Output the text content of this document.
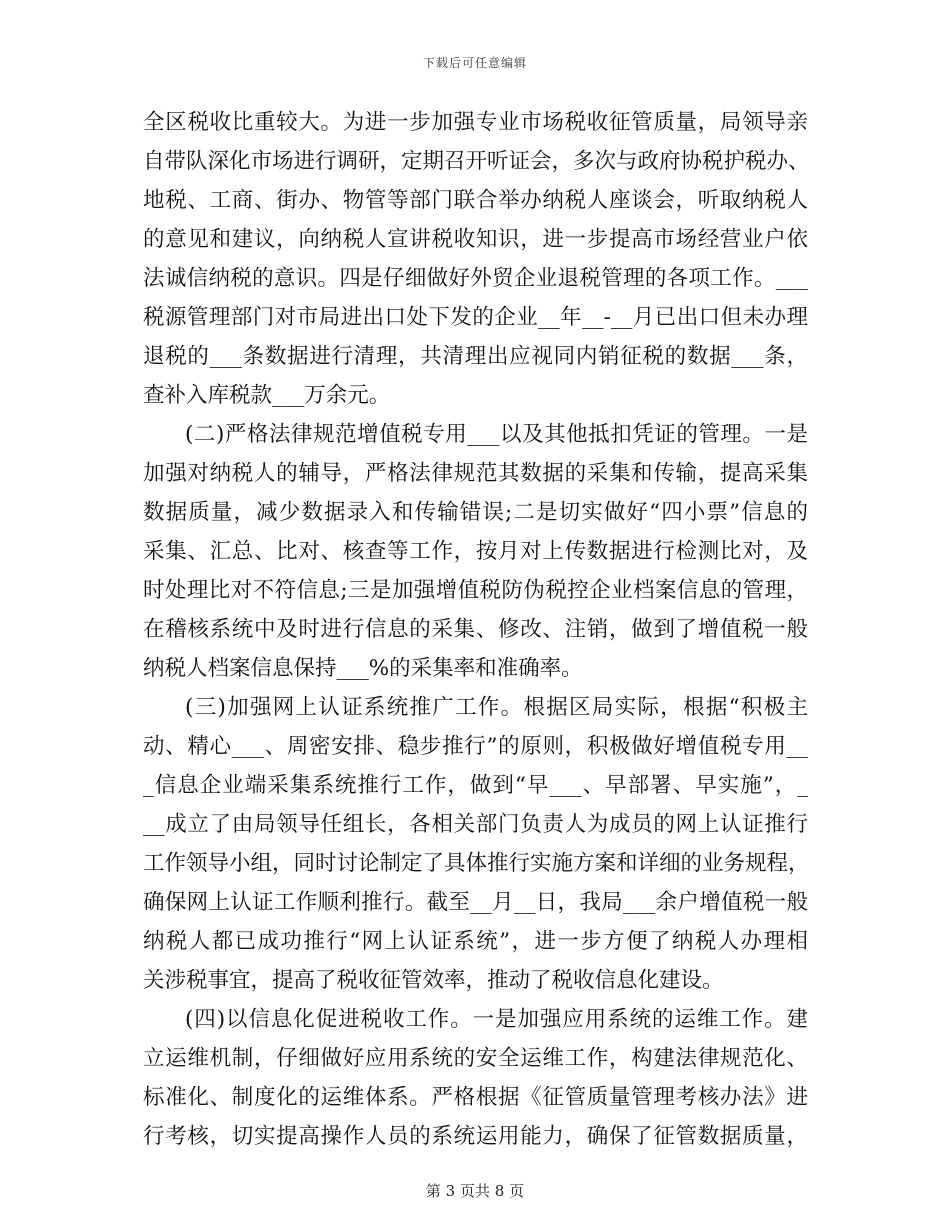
下载后可任意编辑
全区税收比重较大。为进一步加强专业市场税收征管质量，局领导亲
自带队深化市场进行调研，定期召开听证会，多次与政府协税护税办、
地税、工商、街办、物管等部门联合举办纳税人座谈会，听取纳税人
的意见和建议，向纳税人宣讲税收知识，进一步提高市场经营业户依
法诚信纳税的意识。四是仔细做好外贸企业退税管理的各项工作。___
税源管理部门对市局进出口处下发的企业__年__-__月已出口但未办理
退税的___条数据进行清理，共清理出应视同内销征税的数据___条，
查补入库税款___万余元。
(二)严格法律规范增值税专用___以及其他抵扣凭证的管理。一是
加强对纳税人的辅导，严格法律规范其数据的采集和传输，提高采集
数据质量，减少数据录入和传输错误;二是切实做好“四小票”信息的
采集、汇总、比对、核查等工作，按月对上传数据进行检测比对，及
时处理比对不符信息;三是加强增值税防伪税控企业档案信息的管理，
在稽核系统中及时进行信息的采集、修改、注销，做到了增值税一般
纳税人档案信息保持___%的采集率和准确率。
(三)加强网上认证系统推广工作。根据区局实际，根据“积极主
动、精心___、周密安排、稳步推行”的原则，积极做好增值税专用__
_信息企业端采集系统推行工作，做到“早___、早部署、早实施”，_
__成立了由局领导任组长，各相关部门负责人为成员的网上认证推行
工作领导小组，同时讨论制定了具体推行实施方案和详细的业务规程，
确保网上认证工作顺利推行。截至__月__日，我局___余户增值税一般
纳税人都已成功推行“网上认证系统”，进一步方便了纳税人办理相
关涉税事宜，提高了税收征管效率，推动了税收信息化建设。
(四)以信息化促进税收工作。一是加强应用系统的运维工作。建
立运维机制，仔细做好应用系统的安全运维工作，构建法律规范化、
标准化、制度化的运维体系。严格根据《征管质量管理考核办法》进
行考核，切实提高操作人员的系统运用能力，确保了征管数据质量，
第 3 页共 8 页
